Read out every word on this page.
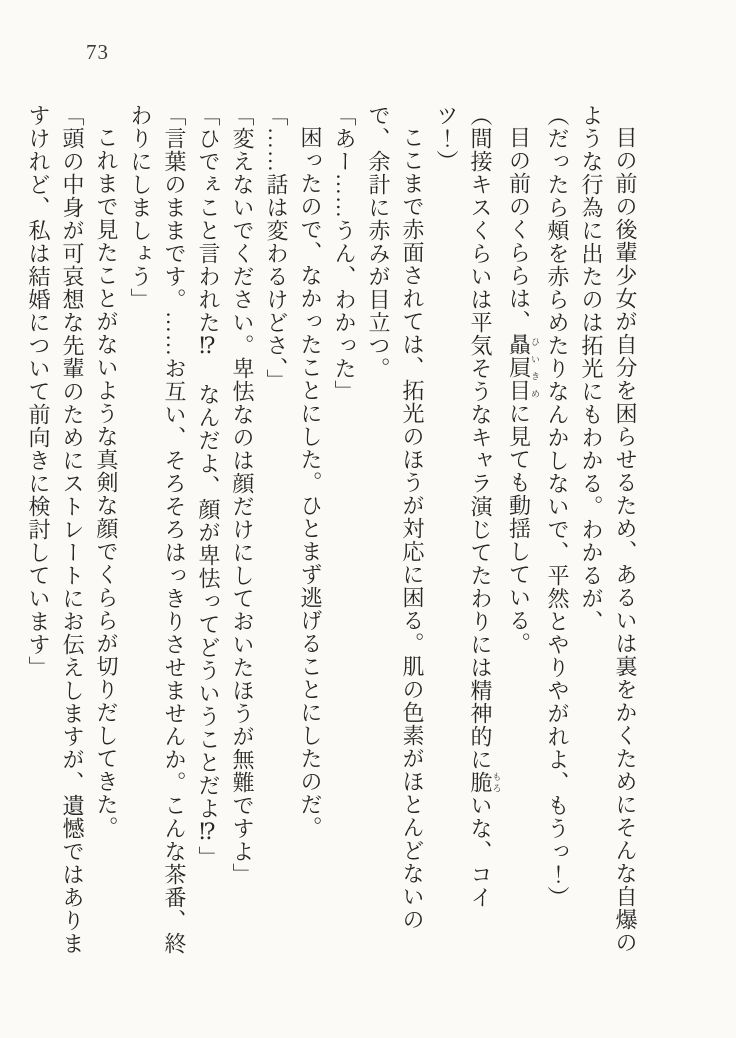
73

目の前の後輩少女が自分を困らせるため、あるいは裏をかくためにそんな自爆のような行為に出たのは拓光にもわかる。わかるが、

（だったら頰を赤らめたりなんかしないで、平然とやりやがれよ、もうっ！）

目の前のくららは、贔屓目ひいきめに見ても動揺している。

（間接キスくらいは平気そうなキャラ演じてたわりには精神的に脆もろいな、コイツ！）

ここまで赤面されては、拓光のほうが対応に困る。肌の色素がほとんどないので、余計に赤みが目立つ。

「あー……うん、わかった」

困ったので、なかったことにした。ひとまず逃げることにしたのだ。

「……話は変わるけどさ、」

「変えないでください。卑怯なのは顔だけにしておいたほうが無難ですよ」

「ひでぇこと言われた⁉　なんだよ、顔が卑怯ってどういうことだよ⁉」

「言葉のままです。……お互い、そろそろはっきりさせませんか。こんな茶番、終わりにしましょう」

これまで見たことがないような真剣な顔でくららが切りだしてきた。

「頭の中身が可哀想な先輩のためにストレートにお伝えしますが、遺憾ではありますけれど、私は結婚について前向きに検討しています」
